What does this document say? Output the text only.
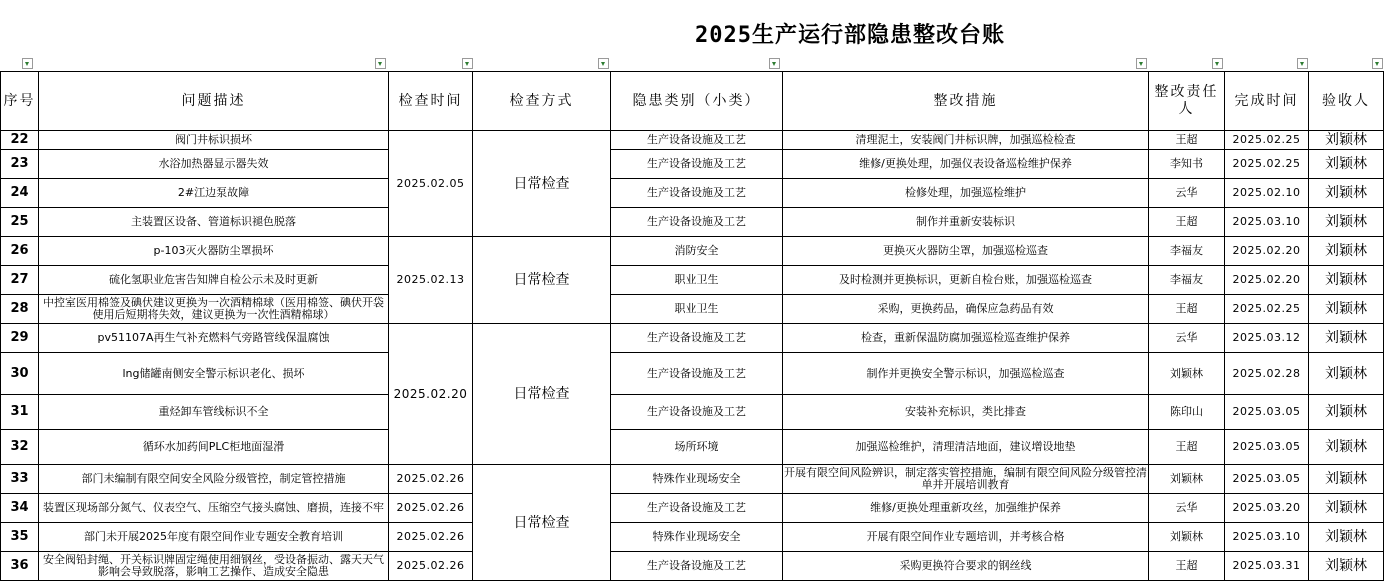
2025生产运行部隐患整改台账
序号	问题描述	检查时间	检查方式	隐患类别（小类）	整改措施	整改责任人	完成时间	验收人
22	阀门井标识损坏	2025.02.05	日常检查	生产设备设施及工艺	清理泥土，安装阀门井标识牌，加强巡检检查	王超	2025.02.25	刘颖林
23	水浴加热器显示器失效			生产设备设施及工艺	维修/更换处理，加强仪表设备巡检维护保养	李知书	2025.02.25	刘颖林
24	2#江边泵故障			生产设备设施及工艺	检修处理，加强巡检维护	云华	2025.02.10	刘颖林
25	主装置区设备、管道标识褪色脱落			生产设备设施及工艺	制作并重新安装标识	王超	2025.03.10	刘颖林
26	p-103灭火器防尘罩损坏	2025.02.13	日常检查	消防安全	更换灭火器防尘罩，加强巡检巡查	李福友	2025.02.20	刘颖林
27	硫化氢职业危害告知牌自检公示未及时更新			职业卫生	及时检测并更换标识，更新自检台账，加强巡检巡查	李福友	2025.02.20	刘颖林
28	中控室医用棉签及碘伏建议更换为一次酒精棉球（医用棉签、碘伏开袋使用后短期将失效，建议更换为一次性酒精棉球）			职业卫生	采购，更换药品，确保应急药品有效	王超	2025.02.25	刘颖林
29	pv51107A再生气补充燃料气旁路管线保温腐蚀	2025.02.20	日常检查	生产设备设施及工艺	检查，重新保温防腐加强巡检巡查维护保养	云华	2025.03.12	刘颖林
30	lng储罐南侧安全警示标识老化、损坏			生产设备设施及工艺	制作并更换安全警示标识，加强巡检巡查	刘颖林	2025.02.28	刘颖林
31	重烃卸车管线标识不全			生产设备设施及工艺	安装补充标识，类比排查	陈印山	2025.03.05	刘颖林
32	循环水加药间PLC柜地面湿滑			场所环境	加强巡检维护，清理清洁地面，建议增设地垫	王超	2025.03.05	刘颖林
33	部门未编制有限空间安全风险分级管控，制定管控措施	2025.02.26	日常检查	特殊作业现场安全	开展有限空间风险辨识，制定落实管控措施，编制有限空间风险分级管控清单并开展培训教育	刘颖林	2025.03.05	刘颖林
34	装置区现场部分氮气、仪表空气、压缩空气接头腐蚀、磨损，连接不牢	2025.02.26		生产设备设施及工艺	维修/更换处理重新攻丝，加强维护保养	云华	2025.03.20	刘颖林
35	部门未开展2025年度有限空间作业专题安全教育培训	2025.02.26		特殊作业现场安全	开展有限空间作业专题培训，并考核合格	刘颖林	2025.03.10	刘颖林
36	安全阀铅封绳、开关标识牌固定绳使用细钢丝，受设备振动、露天天气影响会导致脱落，影响工艺操作、造成安全隐患	2025.02.26		生产设备设施及工艺	采购更换符合要求的钢丝线	王超	2025.03.31	刘颖林
